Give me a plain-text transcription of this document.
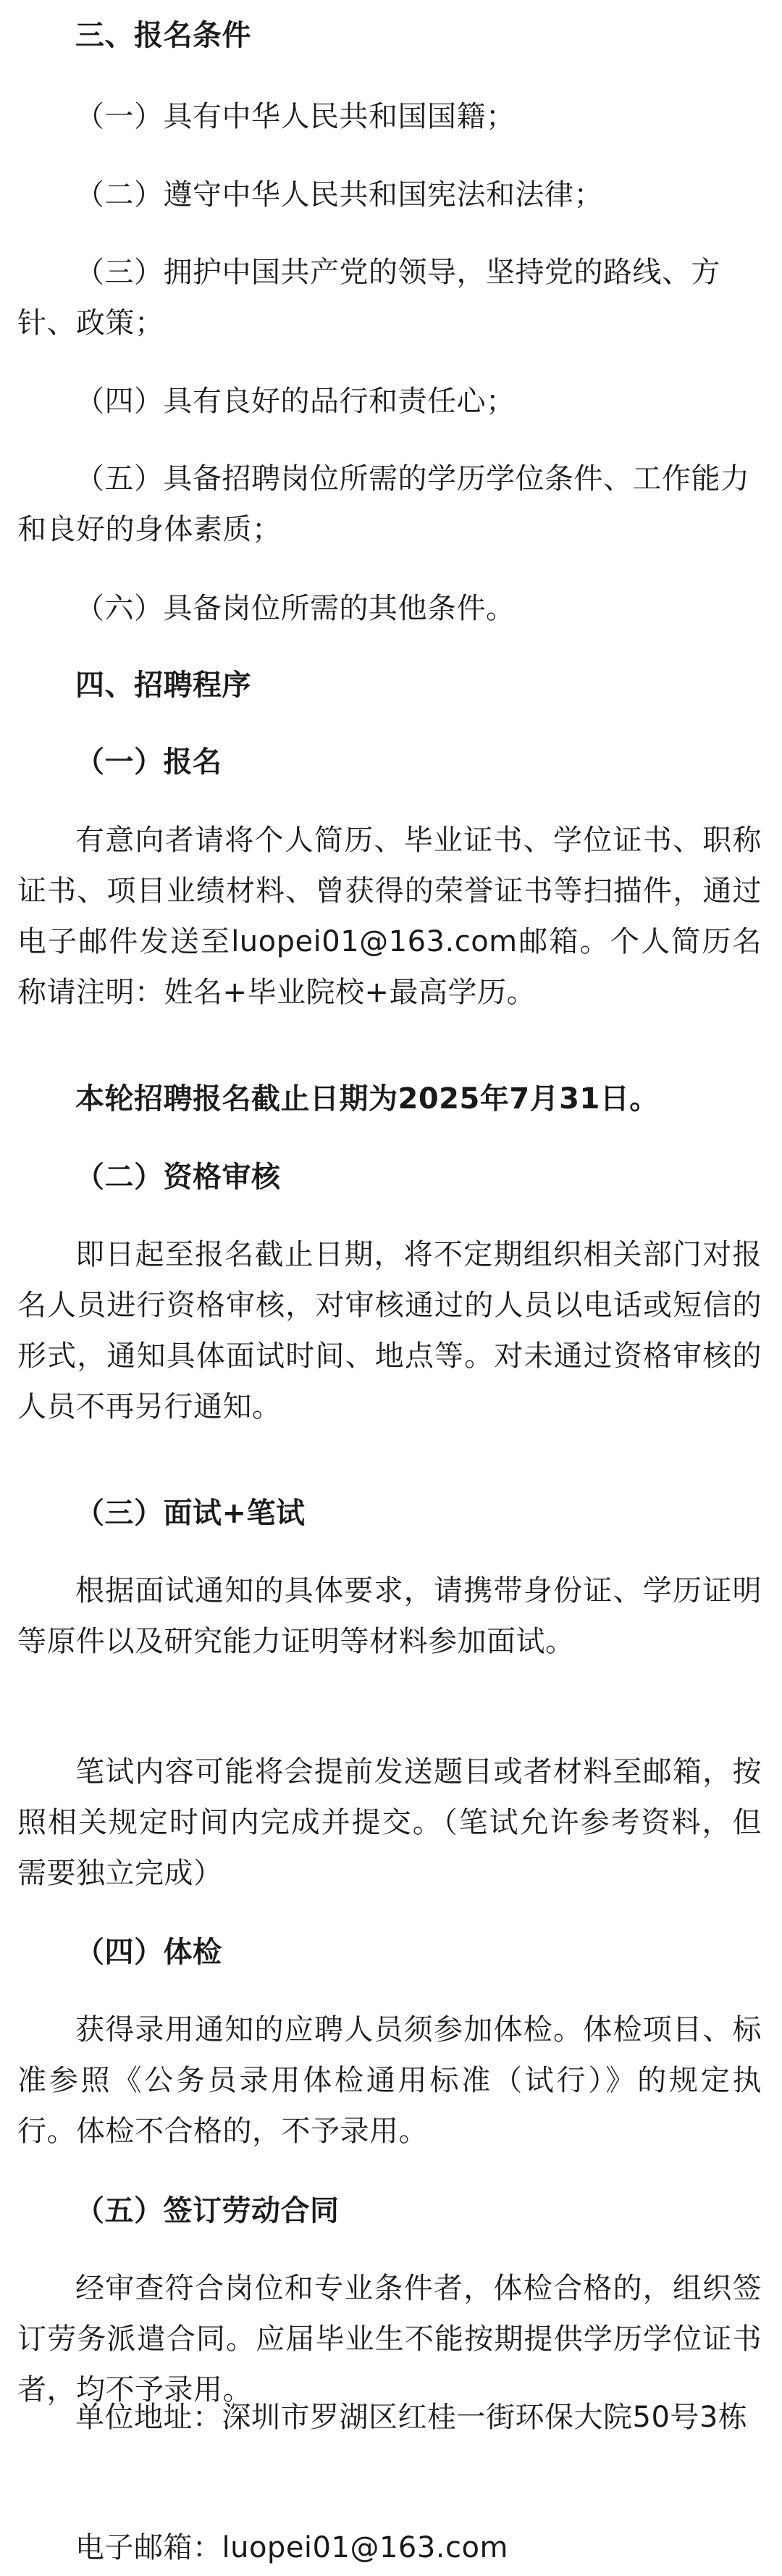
三、报名条件

（一）具有中华人民共和国国籍；

（二）遵守中华人民共和国宪法和法律；

（三）拥护中国共产党的领导，坚持党的路线、方针、政策；

（四）具有良好的品行和责任心；

（五）具备招聘岗位所需的学历学位条件、工作能力和良好的身体素质；

（六）具备岗位所需的其他条件。

四、招聘程序
（一）报名

有意向者请将个人简历、毕业证书、学位证书、职称证书、项目业绩材料、曾获得的荣誉证书等扫描件，通过电子邮件发送至luopei01@163.com邮箱。个人简历名称请注明：姓名+毕业院校+最高学历。

本轮招聘报名截止日期为2025年7月31日。

（二）资格审核

即日起至报名截止日期，将不定期组织相关部门对报名人员进行资格审核，对审核通过的人员以电话或短信的形式，通知具体面试时间、地点等。对未通过资格审核的人员不再另行通知。

（三）面试+笔试

根据面试通知的具体要求，请携带身份证、学历证明等原件以及研究能力证明等材料参加面试。

笔试内容可能将会提前发送题目或者材料至邮箱，按照相关规定时间内完成并提交。（笔试允许参考资料，但需要独立完成）

（四）体检

获得录用通知的应聘人员须参加体检。体检项目、标准参照《公务员录用体检通用标准（试行）》的规定执行。体检不合格的，不予录用。

（五）签订劳动合同

经审查符合岗位和专业条件者，体检合格的，组织签订劳务派遣合同。应届毕业生不能按期提供学历学位证书者，均不予录用。

单位地址：深圳市罗湖区红桂一街环保大院50号3栋

电子邮箱：luopei01@163.com
